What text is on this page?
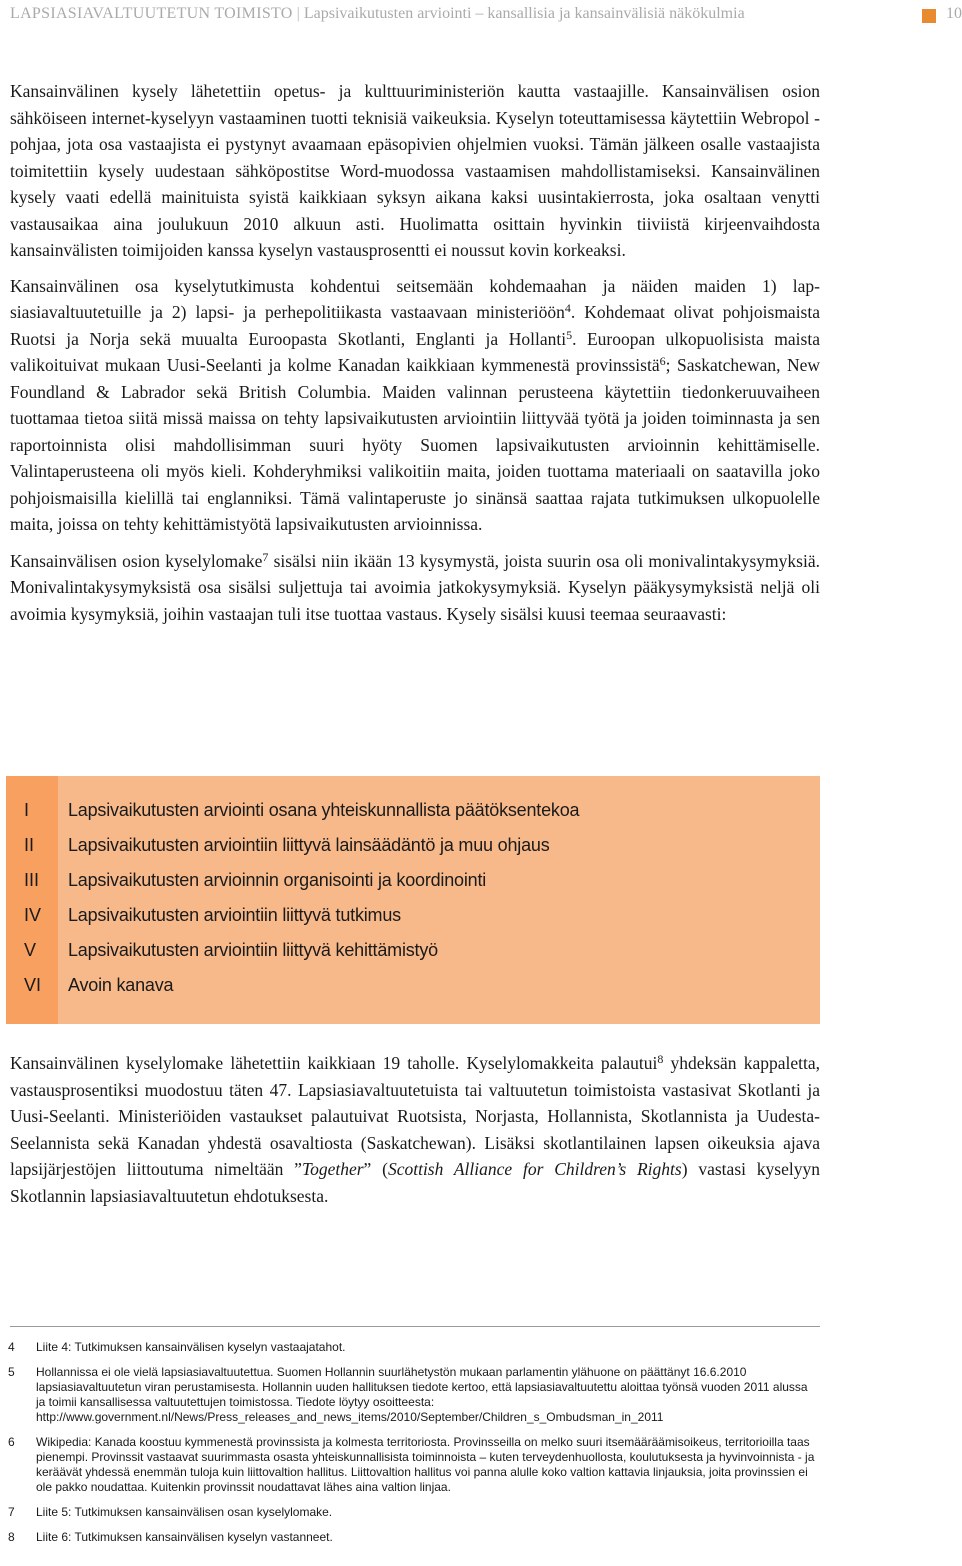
LAPSIASIAVALTUUTETUN TOIMISTO | Lapsivaikutusten arviointi – kansallisia ja kansainvälisiä näkökulmia	10

Kansainvälinen kysely lähetettiin opetus- ja kulttuuriministeriön kautta vastaajille. Kansainvälisen osion sähköiseen internet-kyselyyn vastaaminen tuotti teknisiä vaikeuksia. Kyselyn toteuttamisessa käytettiin Webropol -pohjaa, jota osa vastaajista ei pystynyt avaamaan epäsopivien ohjelmien vuoksi. Tämän jälkeen osalle vastaajista toimitettiin kysely uudestaan sähköpostitse Word-muodossa vastaamisen mahdollistamiseksi. Kansainvälinen kysely vaati edellä mainituista syistä kaikkiaan syksyn aikana kaksi uusintakierrosta, joka osaltaan venytti vastausaikaa aina joulukuun 2010 alkuun asti. Huolimatta osittain hyvinkin tiiviistä kirjeenvaihdosta kansainvälisten toimijoiden kanssa kyselyn vastausprosentti ei noussut kovin korkeaksi.

Kansainvälinen osa kyselytutkimusta kohdentui seitsemään kohdemaahan ja näiden maiden 1) lapsiasiavaltuutetuille ja 2) lapsi- ja perhepolitiikasta vastaavaan ministeriöön$^4$. Kohdemaat olivat pohjoismaista Ruotsi ja Norja sekä muualta Euroopasta Skotlanti, Englanti ja Hollanti$^5$. Euroopan ulkopuolisista maista valikoituivat mukaan Uusi-Seelanti ja kolme Kanadan kaikkiaan kymmenestä provinssistä$^6$; Saskatchewan, New Foundland & Labrador sekä British Columbia. Maiden valinnan perusteena käytettiin tiedonkeruuvaiheen tuottamaa tietoa siitä missä maissa on tehty lapsivaikutusten arviointiin liittyvää työtä ja joiden toiminnasta ja sen raportoinnista olisi mahdollisimman suuri hyöty Suomen lapsivaikutusten arvioinnin kehittämiselle. Valintaperusteena oli myös kieli. Kohderyhmiksi valikoitiin maita, joiden tuottama materiaali on saatavilla joko pohjoismaisilla kielillä tai englanniksi. Tämä valintaperuste jo sinänsä saattaa rajata tutkimuksen ulkopuolelle maita, joissa on tehty kehittämistyötä lapsivaikutusten arvioinnissa.

Kansainvälisen osion kyselylomake$^7$ sisälsi niin ikään 13 kysymystä, joista suurin osa oli monivalintakysymyksiä. Monivalintakysymyksistä osa sisälsi suljettuja tai avoimia jatkokysymyksiä. Kyselyn pääkysymyksistä neljä oli avoimia kysymyksiä, joihin vastaajan tuli itse tuottaa vastaus. Kysely sisälsi kuusi teemaa seuraavasti:

I	Lapsivaikutusten arviointi osana yhteiskunnallista päätöksentekoa
II	Lapsivaikutusten arviointiin liittyvä lainsäädäntö ja muu ohjaus
III	Lapsivaikutusten arvioinnin organisointi ja koordinointi
IV	Lapsivaikutusten arviointiin liittyvä tutkimus
V	Lapsivaikutusten arviointiin liittyvä kehittämistyö
VI	Avoin kanava

Kansainvälinen kyselylomake lähetettiin kaikkiaan 19 taholle. Kyselylomakkeita palautui$^8$ yhdeksän kappaletta, vastausprosentiksi muodostuu täten 47. Lapsiasiavaltuutetuista tai valtuutetun toimistoista vastasivat Skotlanti ja Uusi-Seelanti. Ministeriöiden vastaukset palautuivat Ruotsista, Norjasta, Hollannista, Skotlannista ja Uudesta-Seelannista sekä Kanadan yhdestä osavaltiosta (Saskatchewan). Lisäksi skotlantilainen lapsen oikeuksia ajava lapsijärjestöjen liittoutuma nimeltään ”Together” (Scottish Alliance for Children’s Rights) vastasi kyselyyn Skotlannin lapsiasiavaltuutetun ehdotuksesta.

4 Liite 4: Tutkimuksen kansainvälisen kyselyn vastaajatahot.
5 Hollannissa ei ole vielä lapsiasiavaltuutettua. Suomen Hollannin suurlähetystön mukaan parlamentin ylähuone on päättänyt 16.6.2010 lapsiasiavaltuutetun viran perustamisesta. Hollannin uuden hallituksen tiedote kertoo, että lapsiasiavaltuutettu aloittaa työnsä vuoden 2011 alussa ja toimii kansallisessa valtuutettujen toimistossa. Tiedote löytyy osoitteesta: http://www.government.nl/News/Press_releases_and_news_items/2010/September/Children_s_Ombudsman_in_2011
6 Wikipedia: Kanada koostuu kymmenestä provinssista ja kolmesta territoriosta. Provinsseilla on melko suuri itsemääräämisoikeus, territorioilla taas pienempi. Provinssit vastaavat suurimmasta osasta yhteiskunnallisista toiminnoista – kuten terveydenhuollosta, koulutuksesta ja hyvinvoinnista - ja keräävät yhdessä enemmän tuloja kuin liittovaltion hallitus. Liittovaltion hallitus voi panna alulle koko valtion kattavia linjauksia, joita provinssien ei ole pakko noudattaa. Kuitenkin provinssit noudattavat lähes aina valtion linjaa.
7 Liite 5: Tutkimuksen kansainvälisen osan kyselylomake.
8 Liite 6: Tutkimuksen kansainvälisen kyselyn vastanneet.
